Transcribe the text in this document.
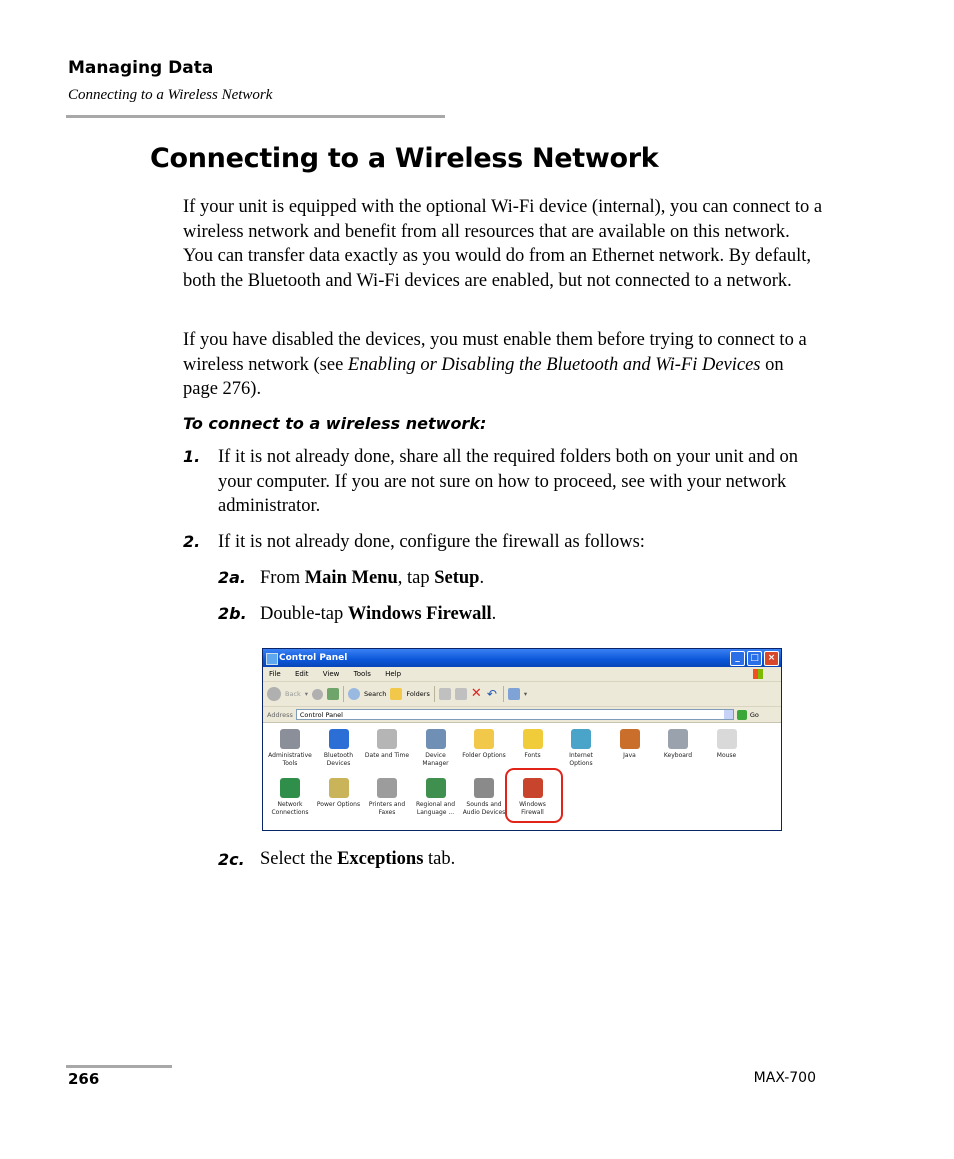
Managing Data
Connecting to a Wireless Network
Connecting to a Wireless Network

If your unit is equipped with the optional Wi-Fi device (internal), you can connect to a wireless network and benefit from all resources that are available on this network. You can transfer data exactly as you would do from an Ethernet network. By default, both the Bluetooth and Wi-Fi devices are enabled, but not connected to a network.

If you have disabled the devices, you must enable them before trying to connect to a wireless network (see Enabling or Disabling the Bluetooth and Wi-Fi Devices on page 276).

To connect to a wireless network:
1. If it is not already done, share all the required folders both on your unit and on your computer. If you are not sure on how to proceed, see with your network administrator.
2. If it is not already done, configure the firewall as follows:
2a. From Main Menu, tap Setup.
2b. Double-tap Windows Firewall.
Control Panel	_	□ ×
File Edit View Tools Help
Back ▾	Search	Folders	✕ ↶	▾
Address	Control Panel	Go
Administrative
Tools
Bluetooth
Devices
Date and Time	Device
Manager
Folder Options	Fonts	Internet
Options
Java	Keyboard	Mouse
Network
Connections
Power Options	Printers and
Faxes
Regional and
Language ...
Sounds and
Audio Devices
Windows
Firewall
2c. Select the Exceptions tab.
266	MAX-700
